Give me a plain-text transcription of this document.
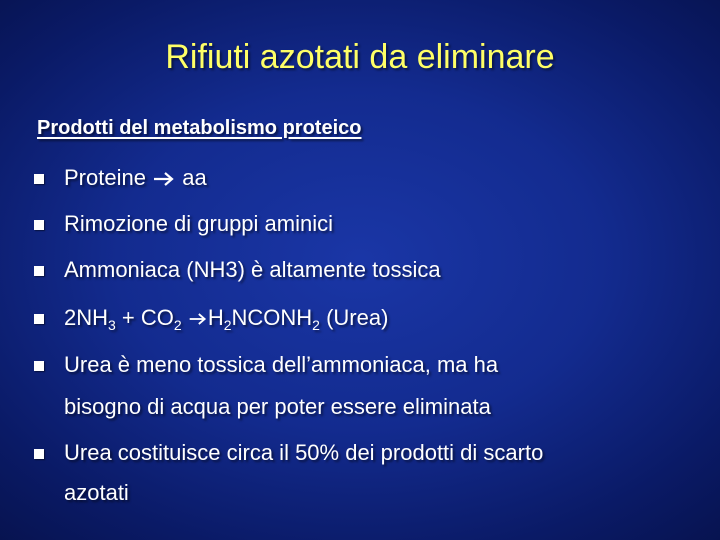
Rifiuti azotati da eliminare
Prodotti del metabolismo proteico
Proteine aa
Rimozione di gruppi aminici
Ammoniaca (NH3) è altamente tossica
$2NH_3 + CO_2$ $H_2NCONH_2$ (Urea)
Urea è meno tossica dell’ammoniaca, ma ha
bisogno di acqua per poter essere eliminata
Urea costituisce circa il 50% dei prodotti di scarto
azotati
